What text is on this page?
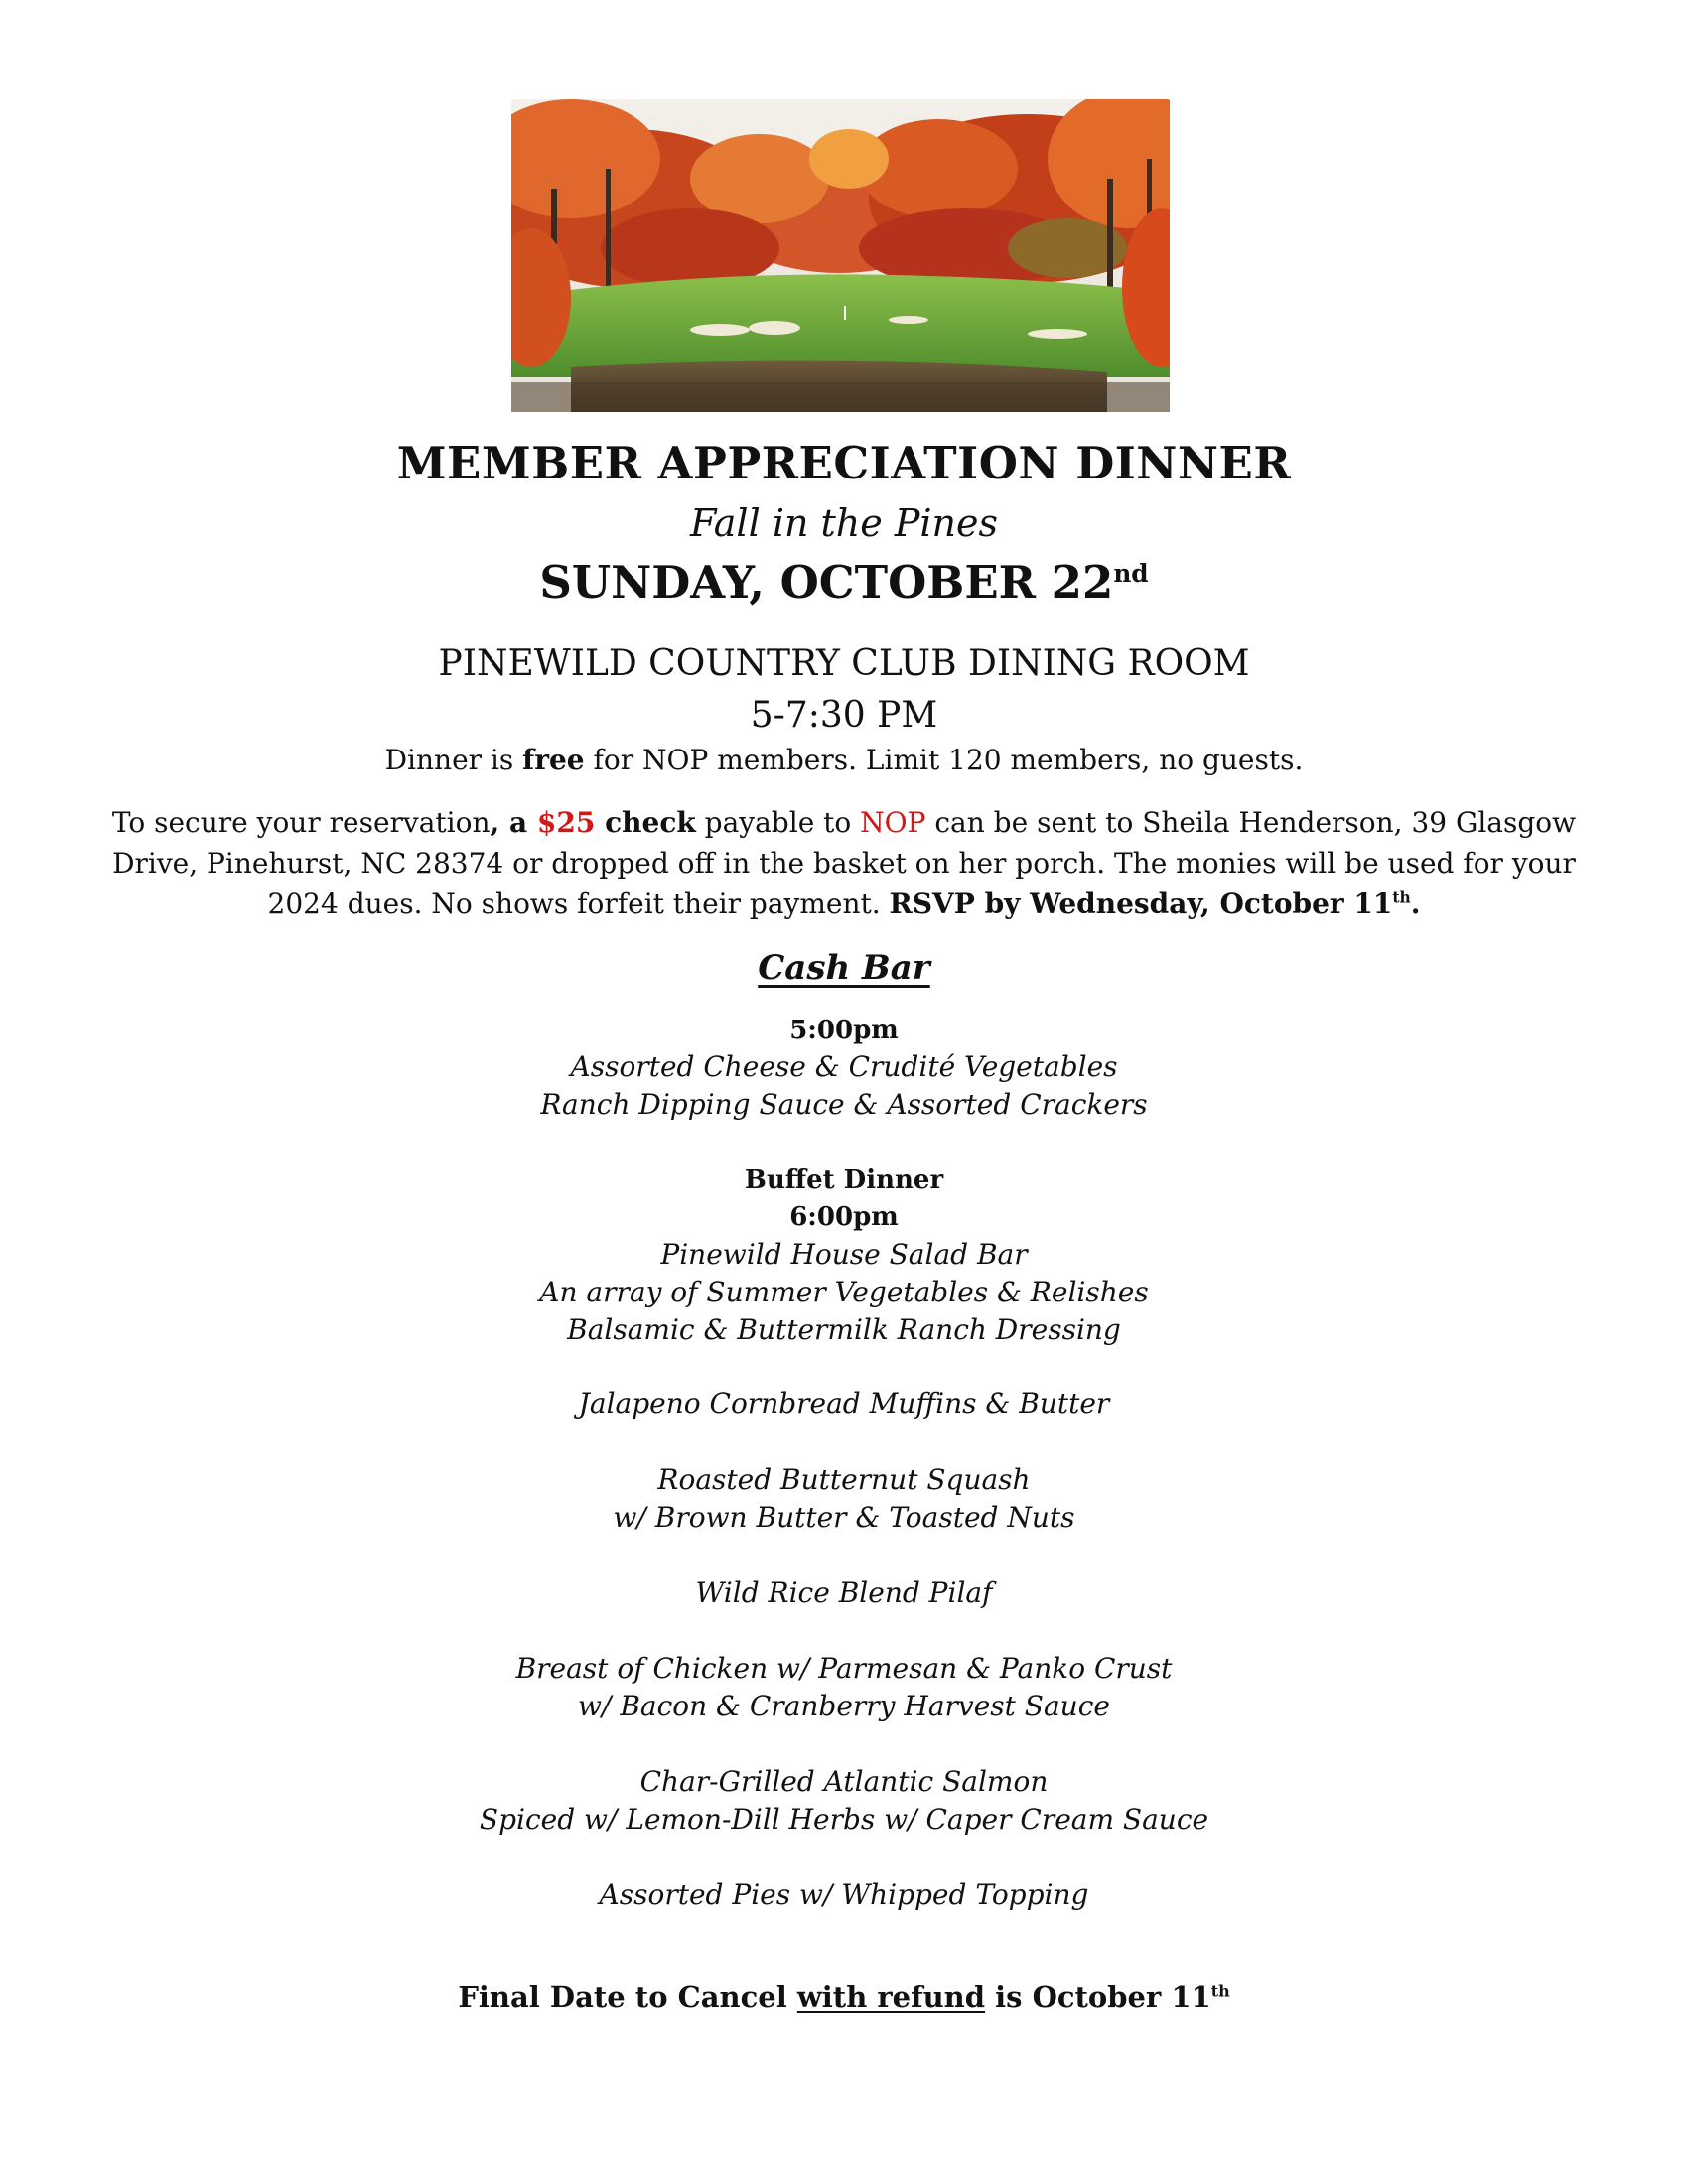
MEMBER APPRECIATION DINNER
Fall in the Pines
SUNDAY, OCTOBER 22nd
PINEWILD COUNTRY CLUB DINING ROOM
5-7:30 PM
Dinner is free for NOP members. Limit 120 members, no guests.
To secure your reservation, a $25 check payable to NOP can be sent to Sheila Henderson, 39 Glasgow Drive, Pinehurst, NC 28374 or dropped off in the basket on her porch. The monies will be used for your 2024 dues. No shows forfeit their payment. RSVP by Wednesday, October 11th.
Cash Bar
5:00pm
Assorted Cheese & Crudité Vegetables
Ranch Dipping Sauce & Assorted Crackers
Buffet Dinner
6:00pm
Pinewild House Salad Bar
An array of Summer Vegetables & Relishes
Balsamic & Buttermilk Ranch Dressing
Jalapeno Cornbread Muffins & Butter
Roasted Butternut Squash
w/ Brown Butter & Toasted Nuts
Wild Rice Blend Pilaf
Breast of Chicken w/ Parmesan & Panko Crust
w/ Bacon & Cranberry Harvest Sauce
Char-Grilled Atlantic Salmon
Spiced w/ Lemon-Dill Herbs w/ Caper Cream Sauce
Assorted Pies w/ Whipped Topping
Final Date to Cancel with refund is October 11th
